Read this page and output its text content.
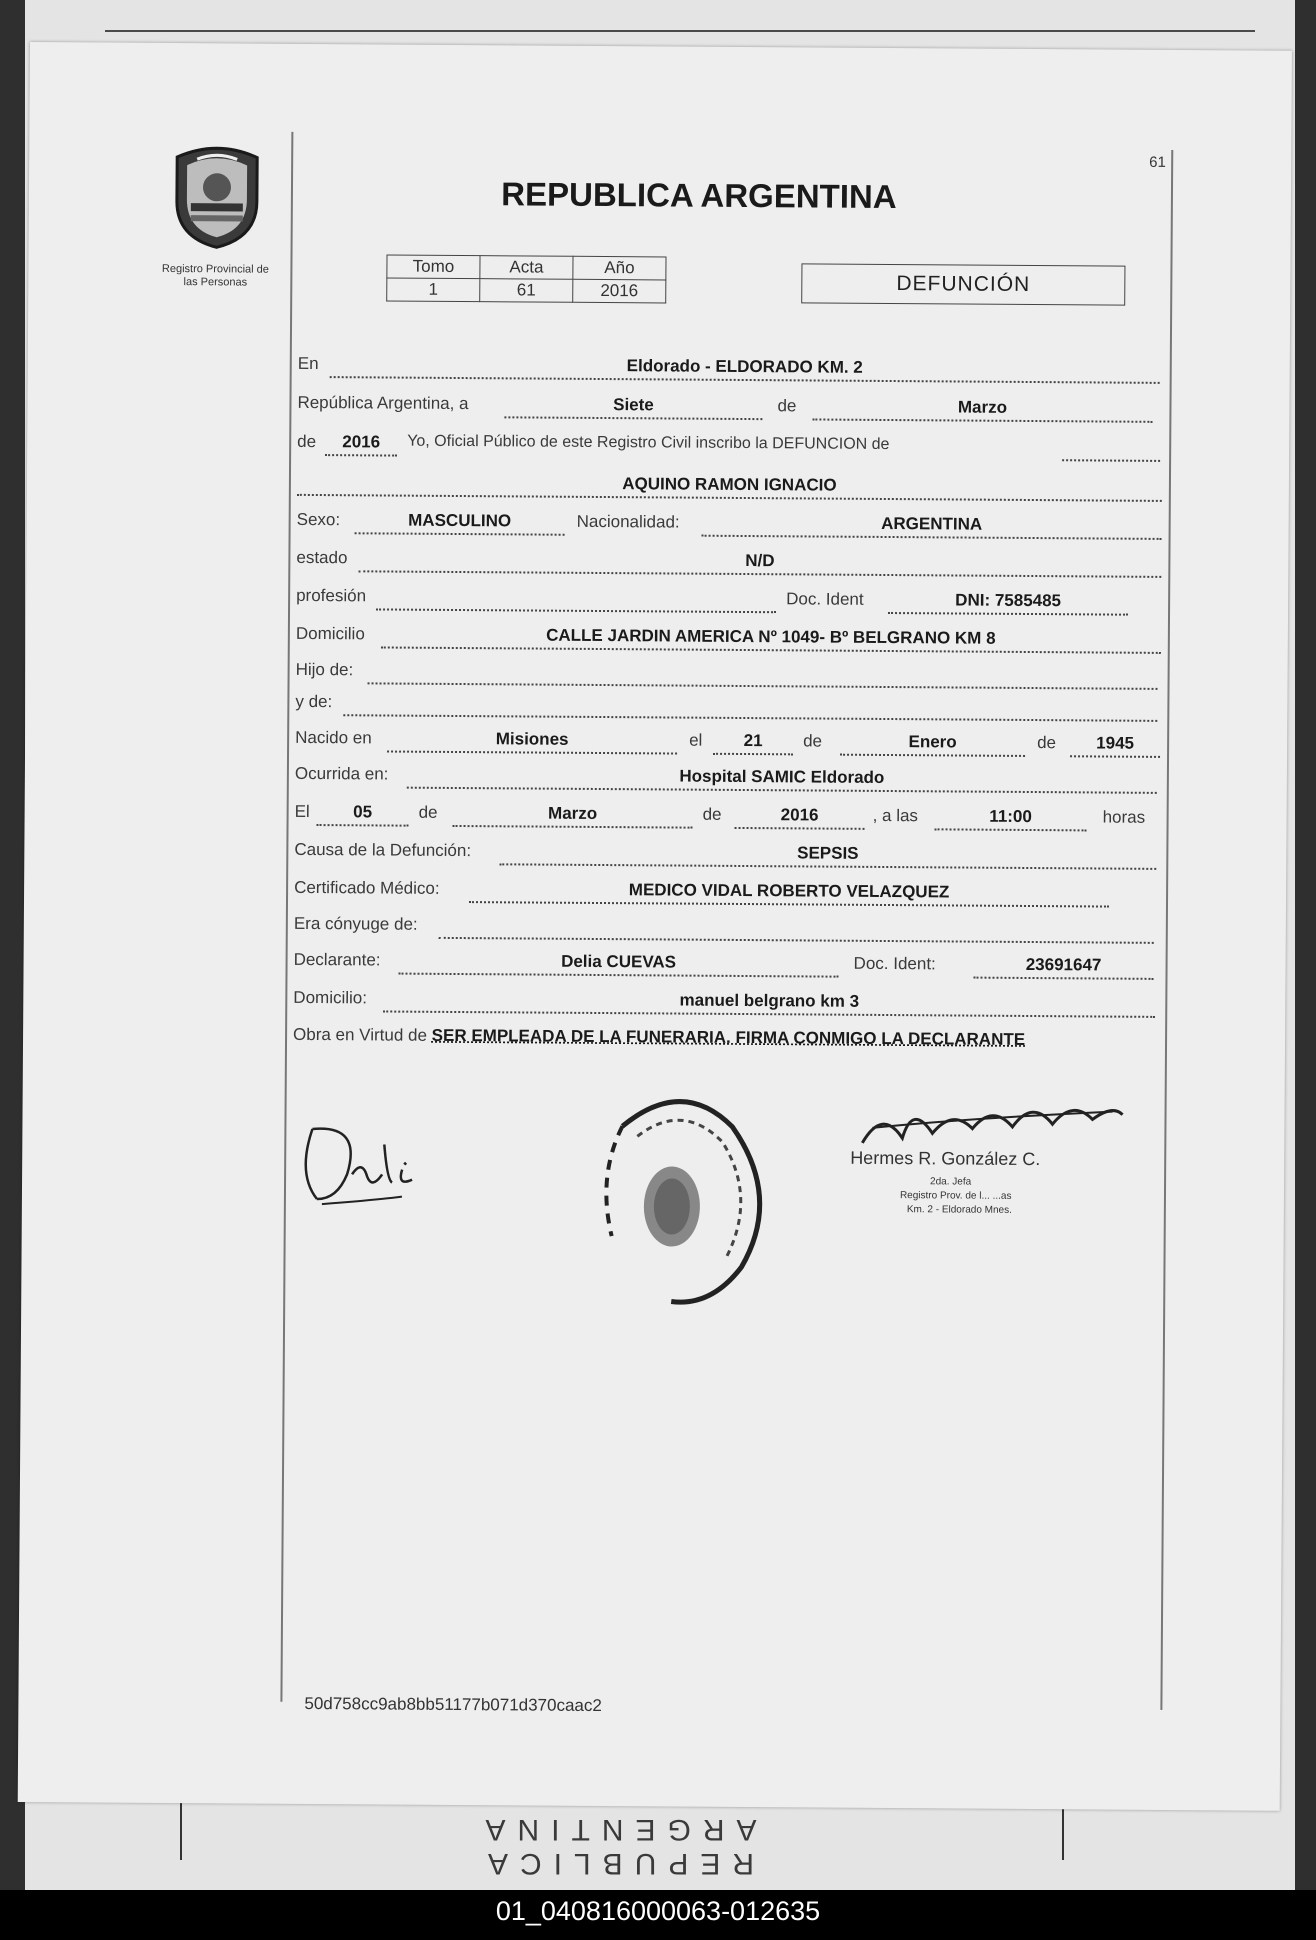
REPUBLICA ARGENTINA
61
Registro Provincial de
las Personas
REPUBLICA ARGENTINA
Tomo	Acta	Año
1	61	2016	DEFUNCIÓN
En	Eldorado - ELDORADO KM. 2
República Argentina, a	Siete	de	Marzo
de	2016	Yo, Oficial Público de este Registro Civil inscribo la DEFUNCION de
AQUINO RAMON IGNACIO
Sexo:	MASCULINO	Nacionalidad:	ARGENTINA
estado	N/D
profesión	Doc. Ident	DNI: 7585485
Domicilio	CALLE JARDIN AMERICA Nº 1049- Bº BELGRANO KM 8
Hijo de:
y de:
Nacido en	Misiones	el	21	de	Enero	de	1945
Ocurrida en:	Hospital SAMIC Eldorado
El	05	de	Marzo	de	2016	, a las	11:00	horas
Causa de la Defunción:	SEPSIS
Certificado Médico:	MEDICO VIDAL ROBERTO VELAZQUEZ
Era cónyuge de:
Declarante:	Delia CUEVAS	Doc. Ident:	23691647
Domicilio:	manuel belgrano km 3
Obra en Virtud de SER EMPLEADA DE LA FUNERARIA. FIRMA CONMIGO LA DECLARANTE
Hermes R. González C.
2da. Jefa
Registro Prov. de l... ...as
Km. 2 - Eldorado Mnes.
50d758cc9ab8bb51177b071d370caac2
01_040816000063-012635
